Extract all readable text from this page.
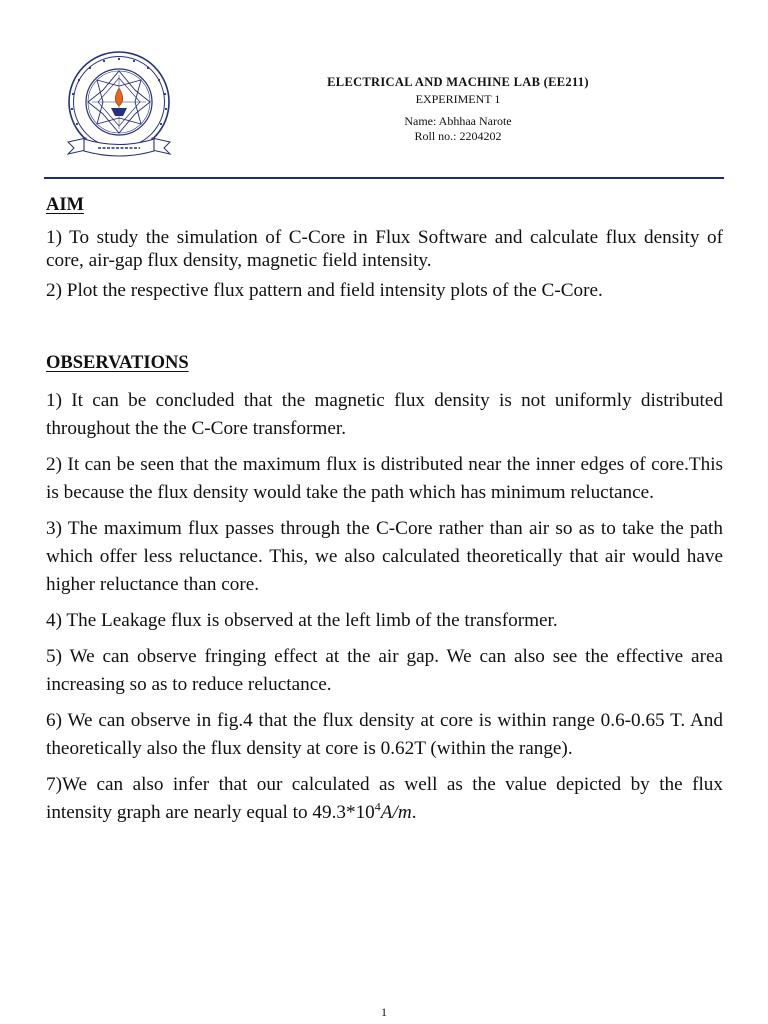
ELECTRICAL AND MACHINE LAB (EE211)
EXPERIMENT 1
Name: Abhhaa Narote
Roll no.: 2204202
AIM

1) To study the simulation of C-Core in Flux Software and calculate flux density of core, air-gap flux density, magnetic field intensity.

2) Plot the respective flux pattern and field intensity plots of the C-Core.

OBSERVATIONS

1) It can be concluded that the magnetic flux density is not uniformly distributed throughout the the C-Core transformer.

2) It can be seen that the maximum flux is distributed near the inner edges of core.This is because the flux density would take the path which has minimum reluctance.

3) The maximum flux passes through the C-Core rather than air so as to take the path which offer less reluctance. This, we also calculated theoretically that air would have higher reluctance than core.

4) The Leakage flux is observed at the left limb of the transformer.

5) We can observe fringing effect at the air gap. We can also see the effective area increasing so as to reduce reluctance.

6) We can observe in fig.4 that the flux density at core is within range 0.6-0.65 T. And theoretically also the flux density at core is 0.62T (within the range).

7)We can also infer that our calculated as well as the value depicted by the flux intensity graph are nearly equal to $49.3*10^4A/m$.

1
